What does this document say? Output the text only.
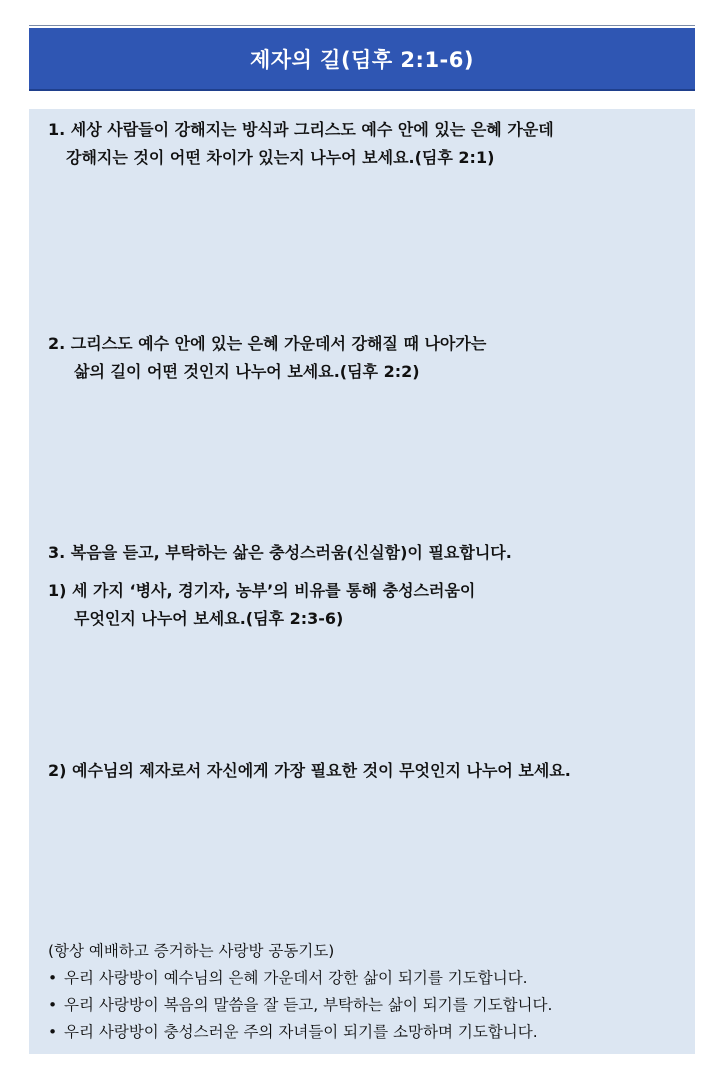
제자의 길(딤후 2:1-6)
1. 세상 사람들이 강해지는 방식과 그리스도 예수 안에 있는 은혜 가운데
강해지는 것이 어떤 차이가 있는지 나누어 보세요.(딤후 2:1)
2. 그리스도 예수 안에 있는 은혜 가운데서 강해질 때 나아가는
삶의 길이 어떤 것인지 나누어 보세요.(딤후 2:2)
3. 복음을 듣고, 부탁하는 삶은 충성스러움(신실함)이 필요합니다.
1) 세 가지 ‘병사, 경기자, 농부’의 비유를 통해 충성스러움이
무엇인지 나누어 보세요.(딤후 2:3-6)
2) 예수님의 제자로서 자신에게 가장 필요한 것이 무엇인지 나누어 보세요.
(항상 예배하고 증거하는 사랑방 공동기도)
• 우리 사랑방이 예수님의 은혜 가운데서 강한 삶이 되기를 기도합니다.
• 우리 사랑방이 복음의 말씀을 잘 듣고, 부탁하는 삶이 되기를 기도합니다.
• 우리 사랑방이 충성스러운 주의 자녀들이 되기를 소망하며 기도합니다.
